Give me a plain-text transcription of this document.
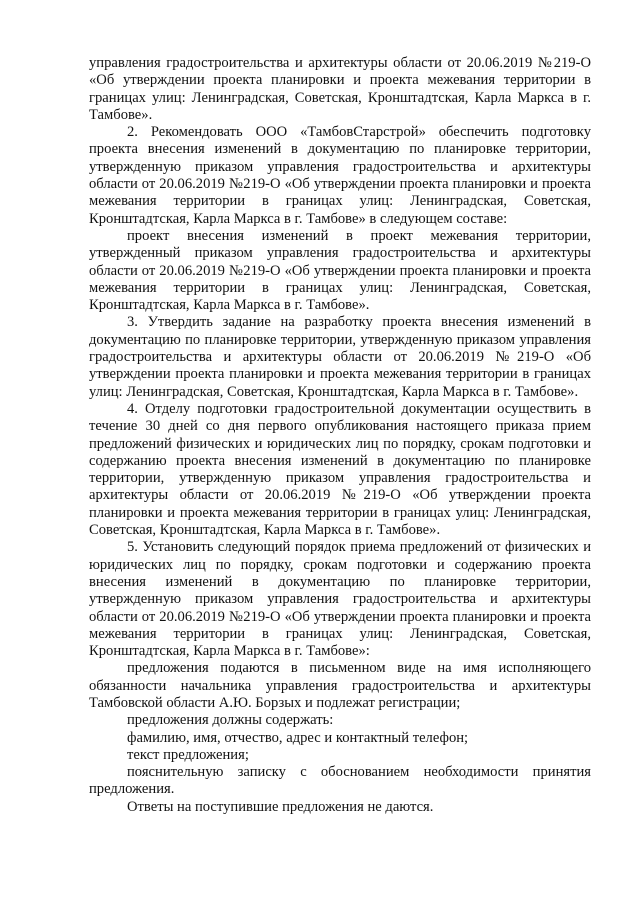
управления градостроительства и архитектуры области от 20.06.2019 №219-О «Об утверждении проекта планировки и проекта межевания территории в границах улиц: Ленинградская, Советская, Кронштадтская, Карла Маркса в г. Тамбове».

2. Рекомендовать ООО «ТамбовСтарстрой» обеспечить подготовку проекта внесения изменений в документацию по планировке территории, утвержденную приказом управления градостроительства и архитектуры области от 20.06.2019 №219-О «Об утверждении проекта планировки и проекта межевания территории в границах улиц: Ленинградская, Советская, Кронштадтская, Карла Маркса в г. Тамбове» в следующем составе:

проект внесения изменений в проект межевания территории, утвержденный приказом управления градостроительства и архитектуры области от 20.06.2019 №219-О «Об утверждении проекта планировки и проекта межевания территории в границах улиц: Ленинградская, Советская, Кронштадтская, Карла Маркса в г. Тамбове».

3. Утвердить задание на разработку проекта внесения изменений в документацию по планировке территории, утвержденную приказом управления градостроительства и архитектуры области от 20.06.2019 №219-О «Об утверждении проекта планировки и проекта межевания территории в границах улиц: Ленинградская, Советская, Кронштадтская, Карла Маркса в г. Тамбове».

4. Отделу подготовки градостроительной документации осуществить в течение 30 дней со дня первого опубликования настоящего приказа прием предложений физических и юридических лиц по порядку, срокам подготовки и содержанию проекта внесения изменений в документацию по планировке территории, утвержденную приказом управления градостроительства и архитектуры области от 20.06.2019 №219-О «Об утверждении проекта планировки и проекта межевания территории в границах улиц: Ленинградская, Советская, Кронштадтская, Карла Маркса в г. Тамбове».

5. Установить следующий порядок приема предложений от физических и юридических лиц по порядку, срокам подготовки и содержанию проекта внесения изменений в документацию по планировке территории, утвержденную приказом управления градостроительства и архитектуры области от 20.06.2019 №219-О «Об утверждении проекта планировки и проекта межевания территории в границах улиц: Ленинградская, Советская, Кронштадтская, Карла Маркса в г. Тамбове»:

предложения подаются в письменном виде на имя исполняющего обязанности начальника управления градостроительства и архитектуры Тамбовской области А.Ю. Борзых и подлежат регистрации;

предложения должны содержать:

фамилию, имя, отчество, адрес и контактный телефон;

текст предложения;

пояснительную записку с обоснованием необходимости принятия предложения.

Ответы на поступившие предложения не даются.
